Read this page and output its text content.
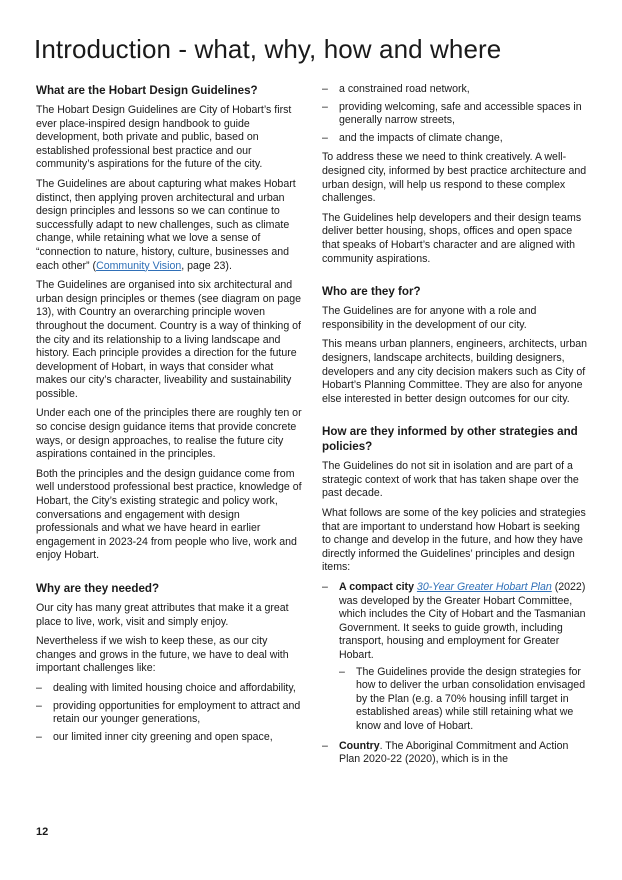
Introduction - what, why, how and where
What are the Hobart Design Guidelines?

The Hobart Design Guidelines are City of Hobart’s first ever place-inspired design handbook to guide development, both private and public, based on established professional best practice and our community’s aspirations for the future of the city.

The Guidelines are about capturing what makes Hobart distinct, then applying proven architectural and urban design principles and lessons so we can continue to successfully adapt to new challenges, such as climate change, while retaining what we love a sense of “connection to nature, history, culture, businesses and each other” (Community Vision, page 23).

The Guidelines are organised into six architectural and urban design principles or themes (see diagram on page 13), with Country an overarching principle woven throughout the document. Country is a way of thinking of the city and its relationship to a living landscape and history. Each principle provides a direction for the future development of Hobart, in ways that consider what makes our city’s character, liveability and sustainability possible.

Under each one of the principles there are roughly ten or so concise design guidance items that provide concrete ways, or design approaches, to realise the future city aspirations contained in the principles.

Both the principles and the design guidance come from well understood professional best practice, knowledge of Hobart, the City’s existing strategic and policy work, conversations and engagement with design professionals and what we have heard in earlier engagement in 2023-24 from people who live, work and enjoy Hobart.

Why are they needed?

Our city has many great attributes that make it a great place to live, work, visit and simply enjoy.

Nevertheless if we wish to keep these, as our city changes and grows in the future, we have to deal with important challenges like:

– dealing with limited housing choice and affordability,
– providing opportunities for employment to attract and retain our younger generations,
– our limited inner city greening and open space,
– a constrained road network,
– providing welcoming, safe and accessible spaces in generally narrow streets,
– and the impacts of climate change,

To address these we need to think creatively. A well-designed city, informed by best practice architecture and urban design, will help us respond to these complex challenges.

The Guidelines help developers and their design teams deliver better housing, shops, offices and open space that speaks of Hobart’s character and are aligned with community aspirations.

Who are they for?

The Guidelines are for anyone with a role and responsibility in the development of our city.

This means urban planners, engineers, architects, urban designers, landscape architects, building designers, developers and any city decision makers such as City of Hobart’s Planning Committee. They are also for anyone else interested in better design outcomes for our city.

How are they informed by other strategies and policies?

The Guidelines do not sit in isolation and are part of a strategic context of work that has taken shape over the past decade.

What follows are some of the key policies and strategies that are important to understand how Hobart is seeking to change and develop in the future, and how they have directly informed the Guidelines’ principles and design items:

– A compact city 30-Year Greater Hobart Plan (2022) was developed by the Greater Hobart Committee, which includes the City of Hobart and the Tasmanian Government. It seeks to guide growth, including transport, housing and employment for Greater Hobart.
– The Guidelines provide the design strategies for how to deliver the urban consolidation envisaged by the Plan (e.g. a 70% housing infill target in established areas) while still retaining what we know and love of Hobart.
– Country. The Aboriginal Commitment and Action Plan 2020-22 (2020), which is in the
12
